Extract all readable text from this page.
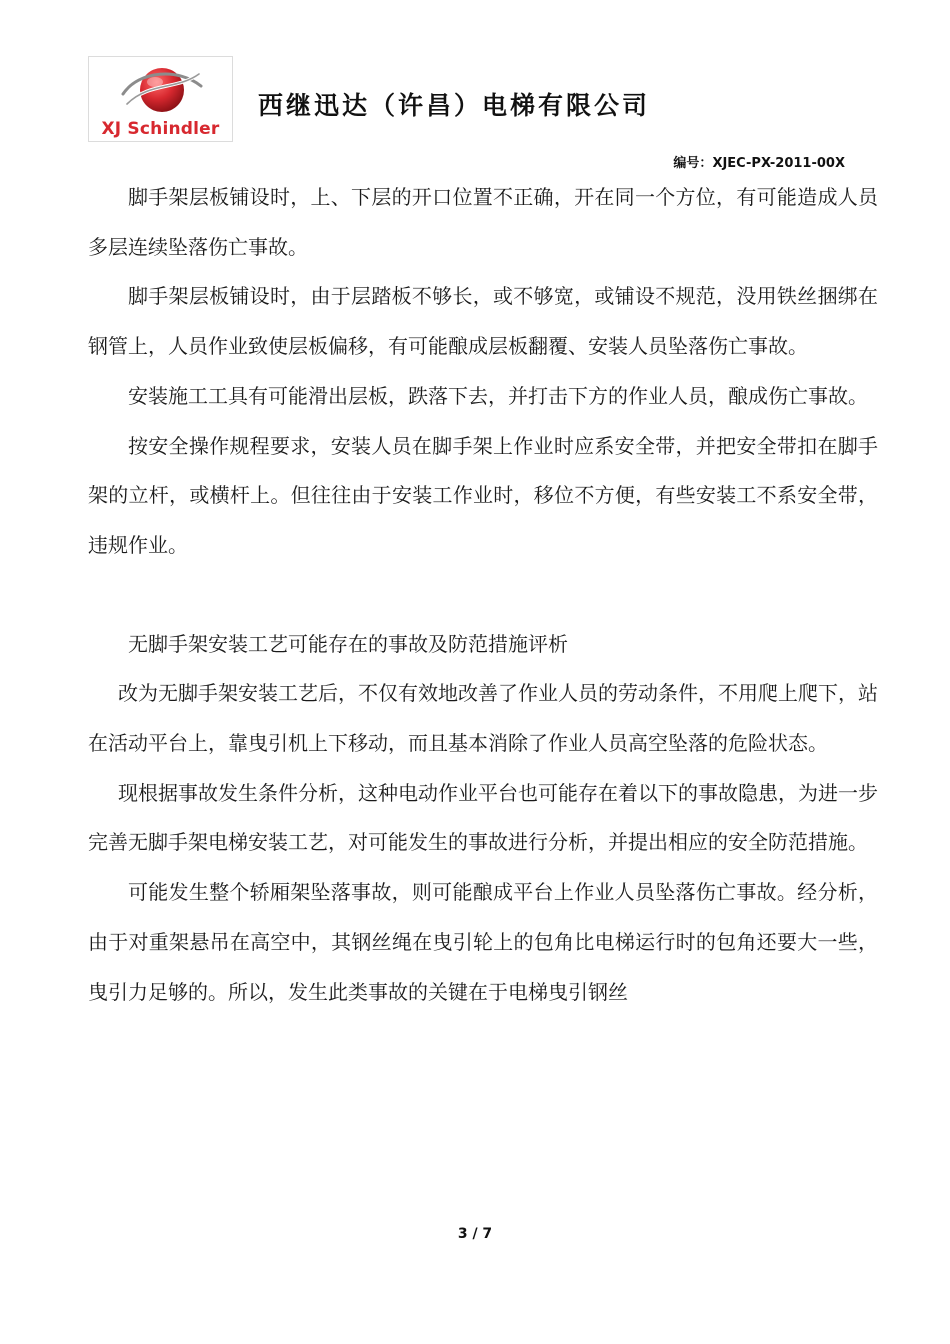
XJ Schindler
西继迅达（许昌）电梯有限公司
编号：XJEC-PX-2011-00X

脚手架层板铺设时，上、下层的开口位置不正确，开在同一个方位，有可能造成人员多层连续坠落伤亡事故。

脚手架层板铺设时，由于层踏板不够长，或不够宽，或铺设不规范，没用铁丝捆绑在钢管上，人员作业致使层板偏移，有可能酿成层板翻覆、安装人员坠落伤亡事故。

安装施工工具有可能滑出层板，跌落下去，并打击下方的作业人员，酿成伤亡事故。

按安全操作规程要求，安装人员在脚手架上作业时应系安全带，并把安全带扣在脚手架的立杆，或横杆上。但往往由于安装工作业时，移位不方便，有些安装工不系安全带，违规作业。

无脚手架安装工艺可能存在的事故及防范措施评析

改为无脚手架安装工艺后，不仅有效地改善了作业人员的劳动条件，不用爬上爬下，站在活动平台上，靠曳引机上下移动，而且基本消除了作业人员高空坠落的危险状态。

现根据事故发生条件分析，这种电动作业平台也可能存在着以下的事故隐患，为进一步完善无脚手架电梯安装工艺，对可能发生的事故进行分析，并提出相应的安全防范措施。

可能发生整个轿厢架坠落事故，则可能酿成平台上作业人员坠落伤亡事故。经分析，由于对重架悬吊在高空中，其钢丝绳在曳引轮上的包角比电梯运行时的包角还要大一些，曳引力足够的。所以，发生此类事故的关键在于电梯曳引钢丝

3 / 7
